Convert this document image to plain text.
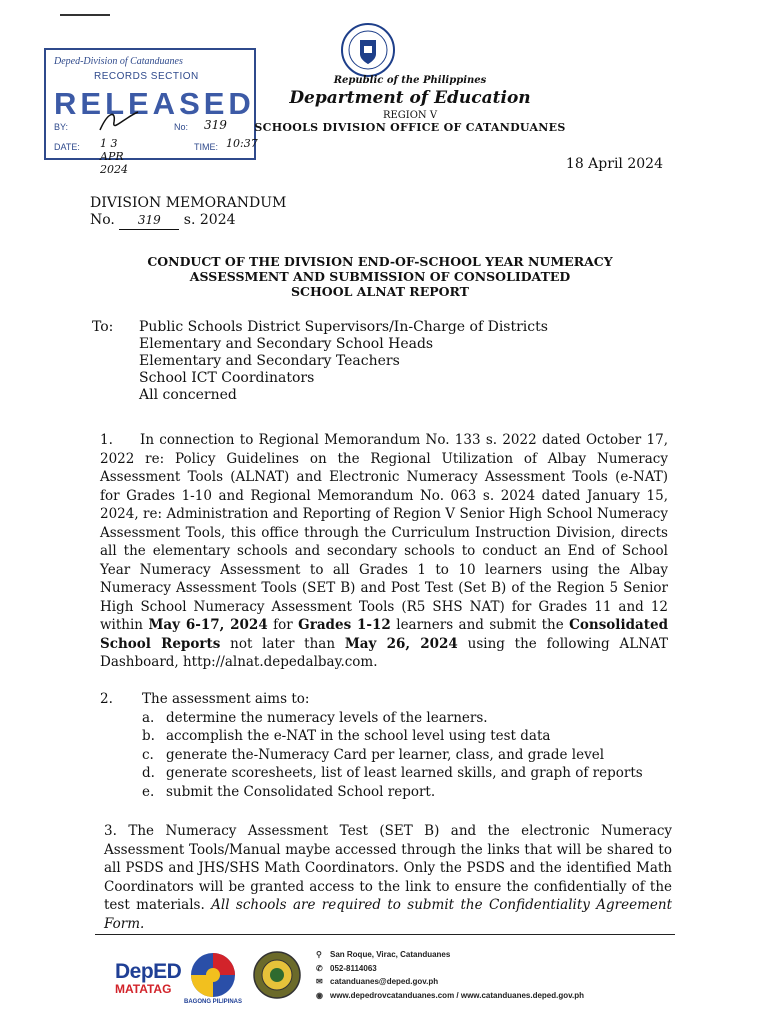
Deped-Division of Catanduanes
RECORDS SECTION
RELEASED
BY:	No: 319
DATE: 1 3 APR 2024
TIME: 10:37
Republic of the Philippines
Department of Education
REGION V
SCHOOLS DIVISION OFFICE OF CATANDUANES
18 April 2024
DIVISION MEMORANDUM
No. 319 s. 2024
CONDUCT OF THE DIVISION END-OF-SCHOOL YEAR NUMERACY
ASSESSMENT AND SUBMISSION OF CONSOLIDATED
SCHOOL ALNAT REPORT
To: Public Schools District Supervisors/In-Charge of Districts
Elementary and Secondary School Heads
Elementary and Secondary Teachers
School ICT Coordinators
All concerned
1. In connection to Regional Memorandum No. 133 s. 2022 dated October 17, 2022 re: Policy Guidelines on the Regional Utilization of Albay Numeracy Assessment Tools (ALNAT) and Electronic Numeracy Assessment Tools (e-NAT) for Grades 1-10 and Regional Memorandum No. 063 s. 2024 dated January 15, 2024, re: Administration and Reporting of Region V Senior High School Numeracy Assessment Tools, this office through the Curriculum Instruction Division, directs all the elementary schools and secondary schools to conduct an End of School Year Numeracy Assessment to all Grades 1 to 10 learners using the Albay Numeracy Assessment Tools (SET B) and Post Test (Set B) of the Region 5 Senior High School Numeracy Assessment Tools (R5 SHS NAT) for Grades 11 and 12 within May 6-17, 2024 for Grades 1-12 learners and submit the Consolidated School Reports not later than May 26, 2024 using the following ALNAT Dashboard, http://alnat.depedalbay.com.
2. The assessment aims to:
a. determine the numeracy levels of the learners.
b. accomplish the e-NAT in the school level using test data
c. generate the-Numeracy Card per learner, class, and grade level
d. generate scoresheets, list of least learned skills, and graph of reports
e. submit the Consolidated School report.
3. The Numeracy Assessment Test (SET B) and the electronic Numeracy Assessment Tools/Manual maybe accessed through the links that will be shared to all PSDS and JHS/SHS Math Coordinators. Only the PSDS and the identified Math Coordinators will be granted access to the link to ensure the confidentially of the test materials. All schools are required to submit the Confidentiality Agreement Form.
DepED
MATATAG
BAGONG PILIPINAS
⚲ San Roque, Virac, Catanduanes
✆ 052-8114063
✉ catanduanes@deped.gov.ph
◉ www.depedrovcatanduanes.com / www.catanduanes.deped.gov.ph
